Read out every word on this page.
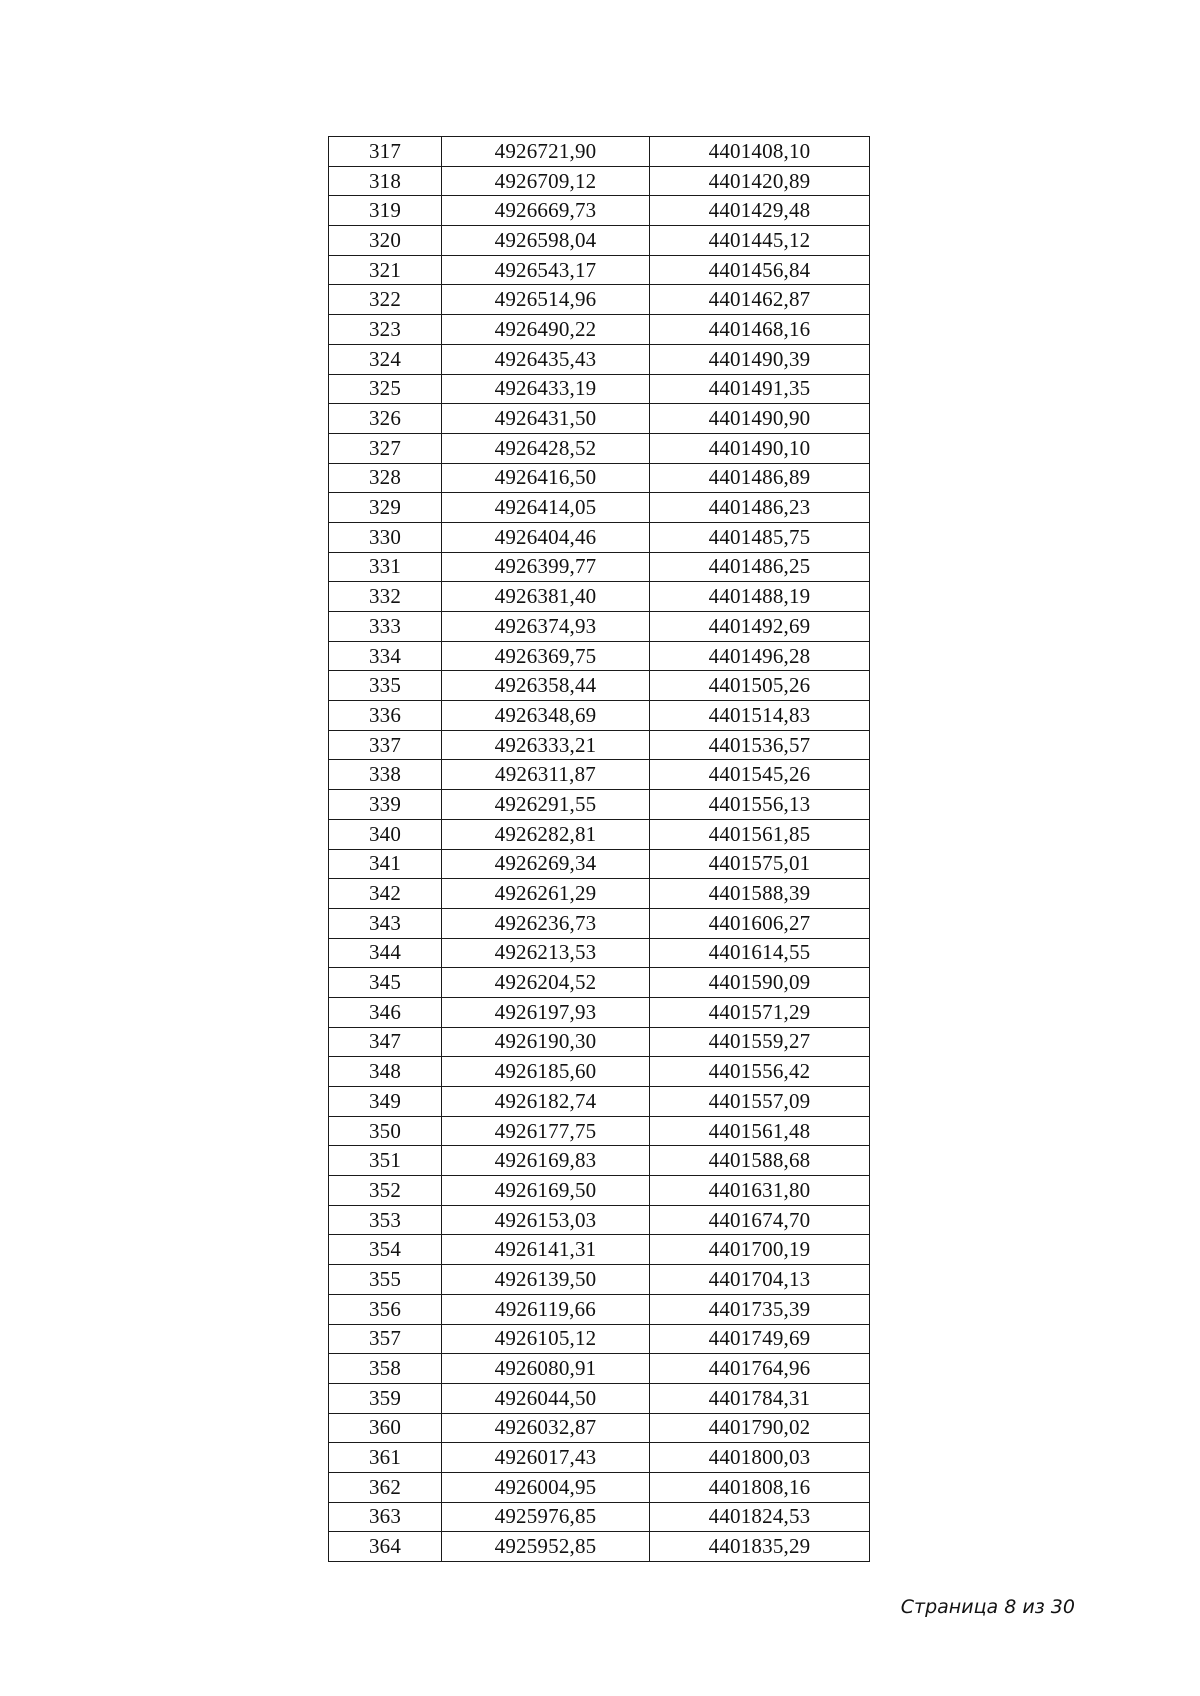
317	4926721,90	4401408,10
318	4926709,12	4401420,89
319	4926669,73	4401429,48
320	4926598,04	4401445,12
321	4926543,17	4401456,84
322	4926514,96	4401462,87
323	4926490,22	4401468,16
324	4926435,43	4401490,39
325	4926433,19	4401491,35
326	4926431,50	4401490,90
327	4926428,52	4401490,10
328	4926416,50	4401486,89
329	4926414,05	4401486,23
330	4926404,46	4401485,75
331	4926399,77	4401486,25
332	4926381,40	4401488,19
333	4926374,93	4401492,69
334	4926369,75	4401496,28
335	4926358,44	4401505,26
336	4926348,69	4401514,83
337	4926333,21	4401536,57
338	4926311,87	4401545,26
339	4926291,55	4401556,13
340	4926282,81	4401561,85
341	4926269,34	4401575,01
342	4926261,29	4401588,39
343	4926236,73	4401606,27
344	4926213,53	4401614,55
345	4926204,52	4401590,09
346	4926197,93	4401571,29
347	4926190,30	4401559,27
348	4926185,60	4401556,42
349	4926182,74	4401557,09
350	4926177,75	4401561,48
351	4926169,83	4401588,68
352	4926169,50	4401631,80
353	4926153,03	4401674,70
354	4926141,31	4401700,19
355	4926139,50	4401704,13
356	4926119,66	4401735,39
357	4926105,12	4401749,69
358	4926080,91	4401764,96
359	4926044,50	4401784,31
360	4926032,87	4401790,02
361	4926017,43	4401800,03
362	4926004,95	4401808,16
363	4925976,85	4401824,53
364	4925952,85	4401835,29
Страница 8 из 30
